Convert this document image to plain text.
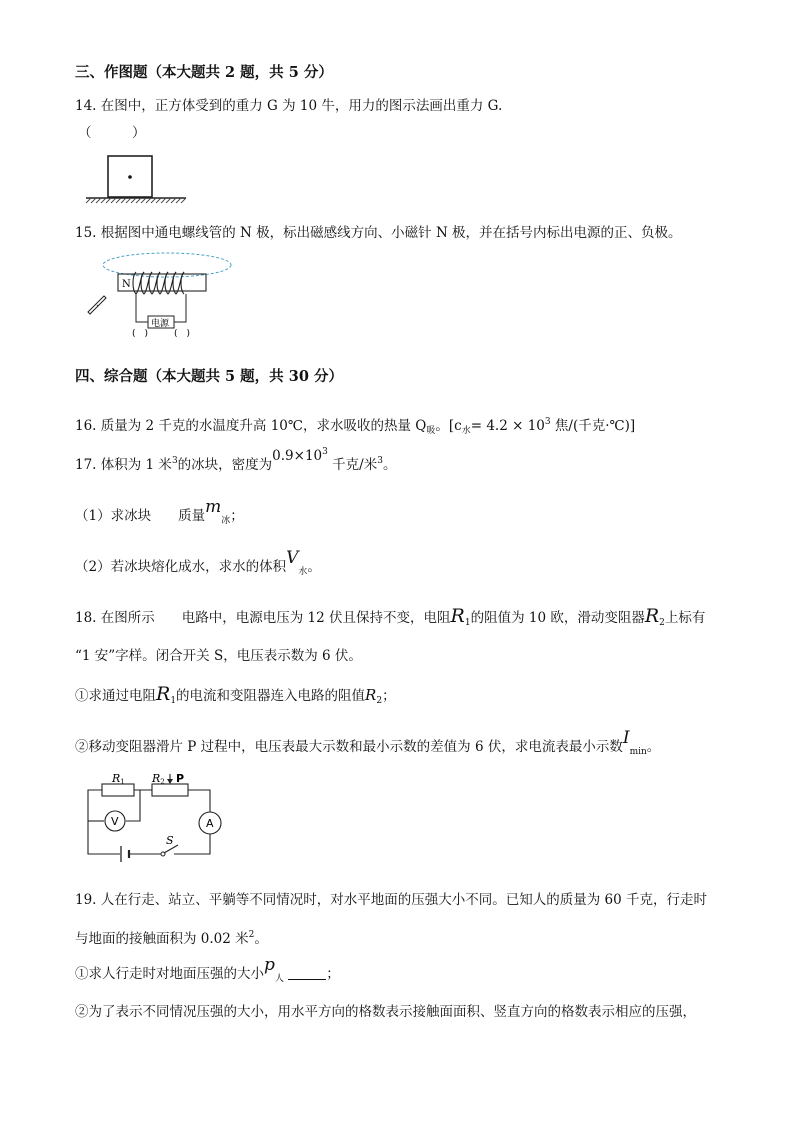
三、作图题（本大题共 2 题，共 5 分）
14. 在图中，正方体受到的重力 G 为 10 牛，用力的图示法画出重力 G.
（　　　）
15. 根据图中通电螺线管的 N 极，标出磁感线方向、小磁针 N 极，并在括号内标出电源的正、负极。
N
电源
(　)	(　)
四、综合题（本大题共 5 题，共 30 分）
16. 质量为 2 千克的水温度升高 10℃，求水吸收的热量 $Q_吸$。[$c_水= 4.2 \times 10^3$ 焦/(千克·℃)]
17. 体积为 1 米$^3$的冰块，密度为$0.9\times 10^3$ 千克/米$^3$。
（1）求冰块　　质量$m_冰$；
（2）若冰块熔化成水，求水的体积$V_水$。
18. 在图所示　　电路中，电源电压为 12 伏且保持不变，电阻$R_1$的阻值为 10 欧，滑动变阻器$R_2$上标有
“1 安”字样。闭合开关 S，电压表示数为 6 伏。
①求通过电阻$R_1$的电流和变阻器连入电路的阻值$R_2$；
②移动变阻器滑片 P 过程中，电压表最大示数和最小示数的差值为 6 伏，求电流表最小示数$I_{min}$。
R1 R2 P
V	A
S
19. 人在行走、站立、平躺等不同情况时，对水平地面的压强大小不同。已知人的质量为 60 千克，行走时
与地面的接触面积为 0.02 米$^2$。
①求人行走时对地面压强的大小$p_人$	；
②为了表示不同情况压强的大小，用水平方向的格数表示接触面面积、竖直方向的格数表示相应的压强，
